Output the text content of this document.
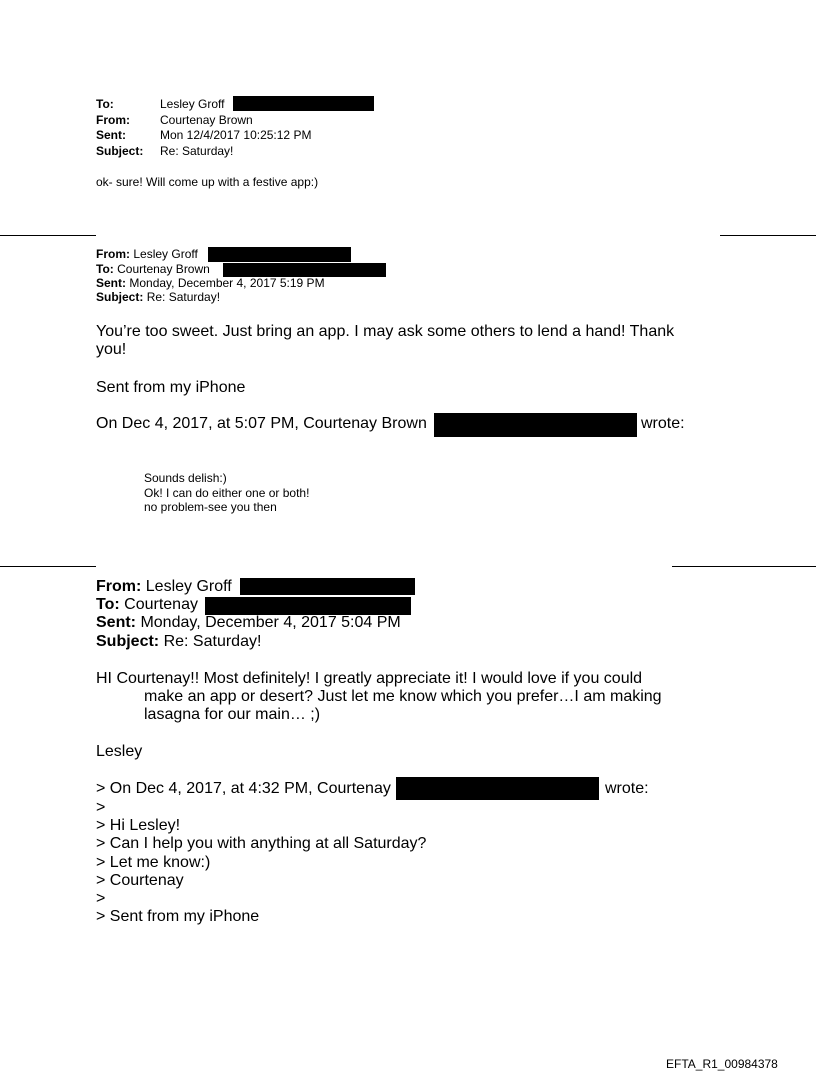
To:	Lesley Groff
From:	Courtenay Brown
Sent:	Mon 12/4/2017 10:25:12 PM
Subject: Re: Saturday!
ok- sure! Will come up with a festive app:)
From: Lesley Groff
To: Courtenay Brown
Sent: Monday, December 4, 2017 5:19 PM
Subject: Re: Saturday!
You’re too sweet. Just bring an app. I may ask some others to lend a hand! Thank
you!
Sent from my iPhone
On Dec 4, 2017, at 5:07 PM, Courtenay Brown	wrote:
Sounds delish:)
Ok! I can do either one or both!
no problem-see you then
From: Lesley Groff
To: Courtenay
Sent: Monday, December 4, 2017 5:04 PM
Subject: Re: Saturday!
HI Courtenay!! Most definitely! I greatly appreciate it! I would love if you could
make an app or desert? Just let me know which you prefer…I am making
lasagna for our main… ;)
Lesley
> On Dec 4, 2017, at 4:32 PM, Courtenay	wrote:
>
> Hi Lesley!
> Can I help you with anything at all Saturday?
> Let me know:)
> Courtenay
>
> Sent from my iPhone
EFTA_R1_00984378
